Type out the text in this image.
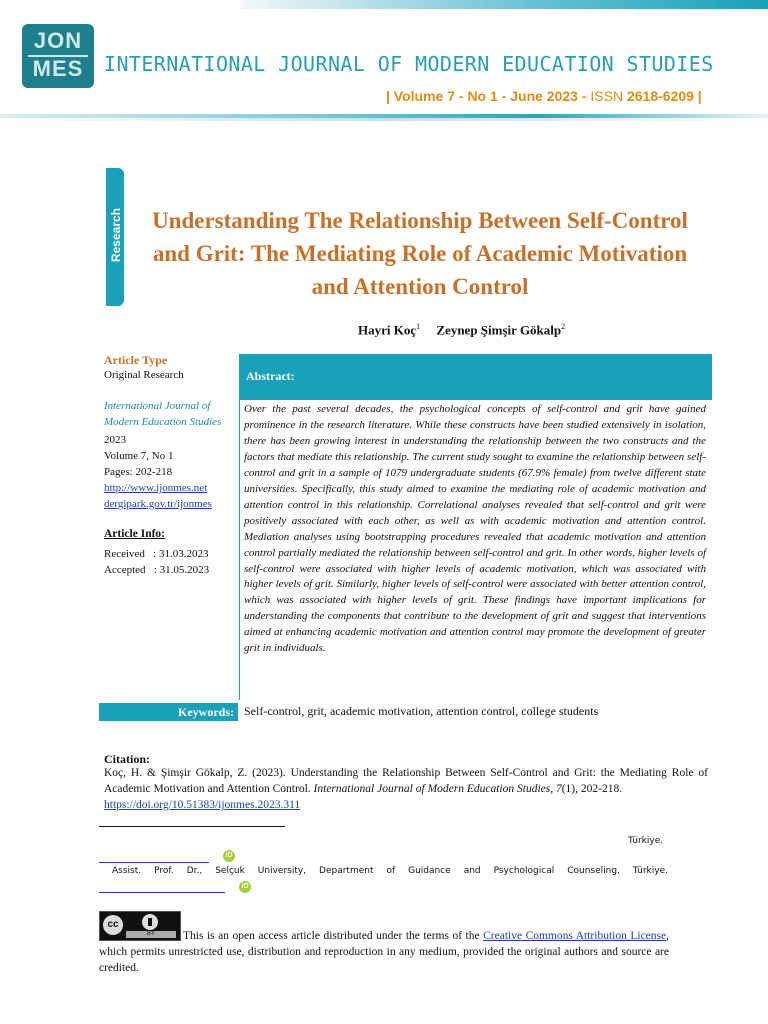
JON
MES	INTERNATIONAL JOURNAL OF MODERN EDUCATION STUDIES
| Volume 7 - No 1 - June 2023 - ISSN 2618-6209 |
Research	Understanding The Relationship Between Self-Control and Grit: The Mediating Role of Academic Motivation and Attention Control
Hayri Koç$^1$ Zeynep Şimşir Gökalp$^2$
Article Type
Original Research
International Journal of Modern Education Studies
2023
Volume 7, No 1
Pages: 202-218
http://www.ijonmes.net
dergipark.gov.tr/ijonmes
Article Info:
Received   : 31.03.2023
Accepted   : 31.05.2023
Abstract:
Over the past several decades, the psychological concepts of self-control and grit have gained prominence in the research literature. While these constructs have been studied extensively in isolation, there has been growing interest in understanding the relationship between the two constructs and the factors that mediate this relationship. The current study sought to examine the relationship between self-control and grit in a sample of 1079 undergraduate students (67.9% female) from twelve different state universities. Specifically, this study aimed to examine the mediating role of academic motivation and attention control in this relationship. Correlational analyses revealed that self-control and grit were positively associated with each other, as well as with academic motivation and attention control. Mediation analyses using bootstrapping procedures revealed that academic motivation and attention control partially mediated the relationship between self-control and grit. In other words, higher levels of self-control were associated with higher levels of academic motivation, which was associated with higher levels of grit. Similarly, higher levels of self-control were associated with better attention control, which was associated with higher levels of grit. These findings have important implications for understanding the components that contribute to the development of grit and suggest that interventions aimed at enhancing academic motivation and attention control may promote the development of greater grit in individuals.
Keywords: Self-control, grit, academic motivation, attention control, college students
Citation:
Koç, H. & Şimşir Gökalp, Z. (2023). Understanding the Relationship Between Self-Control and Grit: the Mediating Role of Academic Motivation and Attention Control. International Journal of Modern Education Studies, 7(1), 202-218.
https://doi.org/10.51383/ijonmes.2023.311
Türkiye.
iD
Assist. Prof. Dr., Selçuk University, Department of Guidance and Psychological Counseling, Türkiye.
iD
This is an open access article distributed under the terms of the Creative Commons Attribution License, which permits unrestricted use, distribution and reproduction in any medium, provided the original authors and source are credited.
cc
BY
